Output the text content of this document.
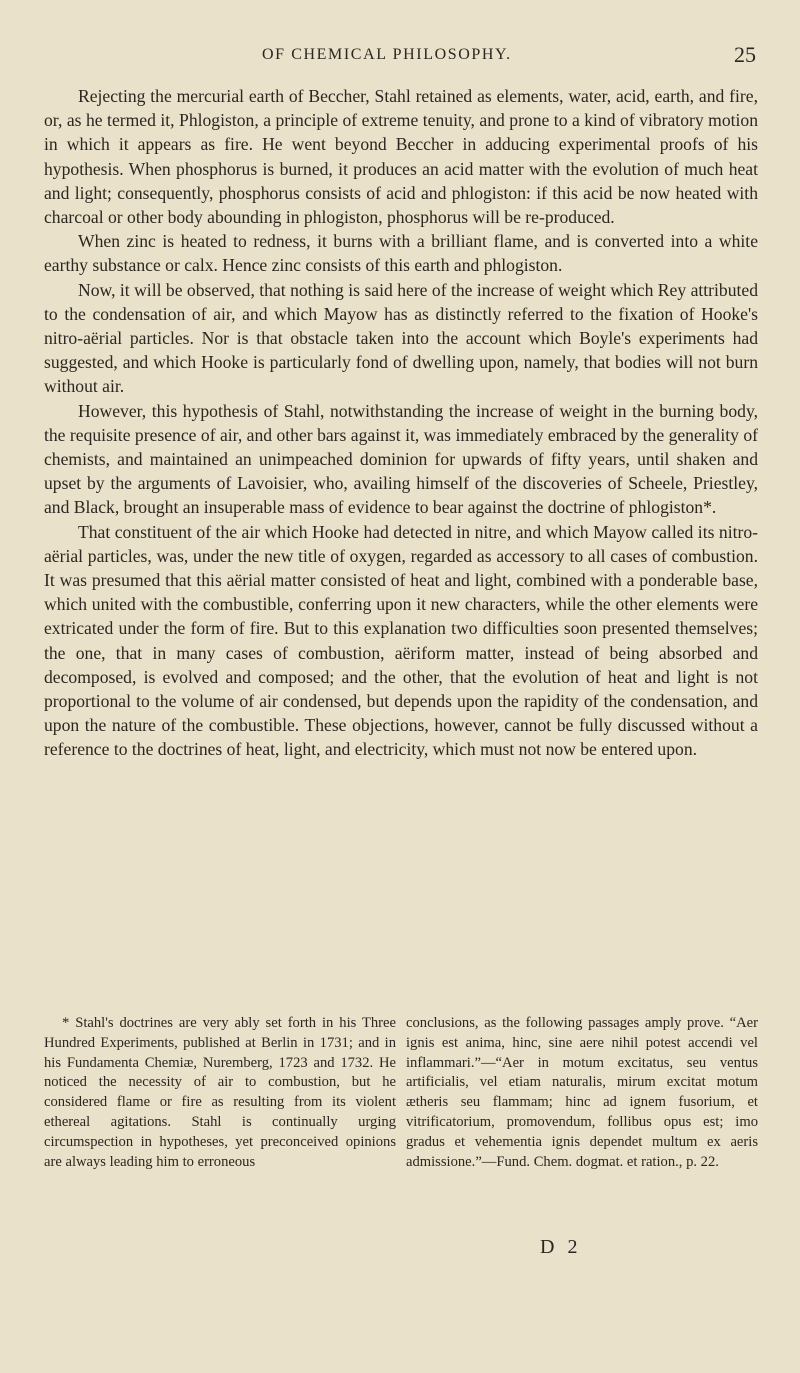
OF CHEMICAL PHILOSOPHY.	25

Rejecting the mercurial earth of Beccher, Stahl retained as elements, water, acid, earth, and fire, or, as he termed it, Phlogiston, a principle of extreme tenuity, and prone to a kind of vibratory motion in which it appears as fire. He went beyond Beccher in adducing experimental proofs of his hypothesis. When phosphorus is burned, it produces an acid matter with the evolution of much heat and light; consequently, phosphorus consists of acid and phlogiston: if this acid be now heated with charcoal or other body abounding in phlogiston, phosphorus will be re-produced.

When zinc is heated to redness, it burns with a brilliant flame, and is converted into a white earthy substance or calx. Hence zinc consists of this earth and phlogiston.

Now, it will be observed, that nothing is said here of the increase of weight which Rey attributed to the condensation of air, and which Mayow has as distinctly referred to the fixation of Hooke's nitro-aërial particles. Nor is that obstacle taken into the account which Boyle's experiments had suggested, and which Hooke is particularly fond of dwelling upon, namely, that bodies will not burn without air.

However, this hypothesis of Stahl, notwithstanding the increase of weight in the burning body, the requisite presence of air, and other bars against it, was immediately embraced by the generality of chemists, and maintained an unimpeached dominion for upwards of fifty years, until shaken and upset by the arguments of Lavoisier, who, availing himself of the discoveries of Scheele, Priestley, and Black, brought an insuperable mass of evidence to bear against the doctrine of phlogiston*.

That constituent of the air which Hooke had detected in nitre, and which Mayow called its nitro-aërial particles, was, under the new title of oxygen, regarded as accessory to all cases of combustion. It was presumed that this aërial matter consisted of heat and light, combined with a ponderable base, which united with the combustible, conferring upon it new characters, while the other elements were extricated under the form of fire. But to this explanation two difficulties soon presented themselves; the one, that in many cases of combustion, aëriform matter, instead of being absorbed and decomposed, is evolved and composed; and the other, that the evolution of heat and light is not proportional to the volume of air condensed, but depends upon the rapidity of the condensation, and upon the nature of the combustible. These objections, however, cannot be fully discussed without a reference to the doctrines of heat, light, and electricity, which must not now be entered upon.

* Stahl's doctrines are very ably set forth in his Three Hundred Experiments, published at Berlin in 1731; and in his Fundamenta Chemiæ, Nuremberg, 1723 and 1732. He noticed the necessity of air to combustion, but he considered flame or fire as resulting from its violent ethereal agitations. Stahl is continually urging circumspection in hypotheses, yet preconceived opinions are always leading him to erroneous

conclusions, as the following passages amply prove. “Aer ignis est anima, hinc, sine aere nihil potest accendi vel inflammari.”—“Aer in motum excitatus, seu ventus artificialis, vel etiam naturalis, mirum excitat motum ætheris seu flammam; hinc ad ignem fusorium, et vitrificatorium, promovendum, follibus opus est; imo gradus et vehementia ignis dependet multum ex aeris admissione.”—Fund. Chem. dogmat. et ration., p. 22.

D 2
